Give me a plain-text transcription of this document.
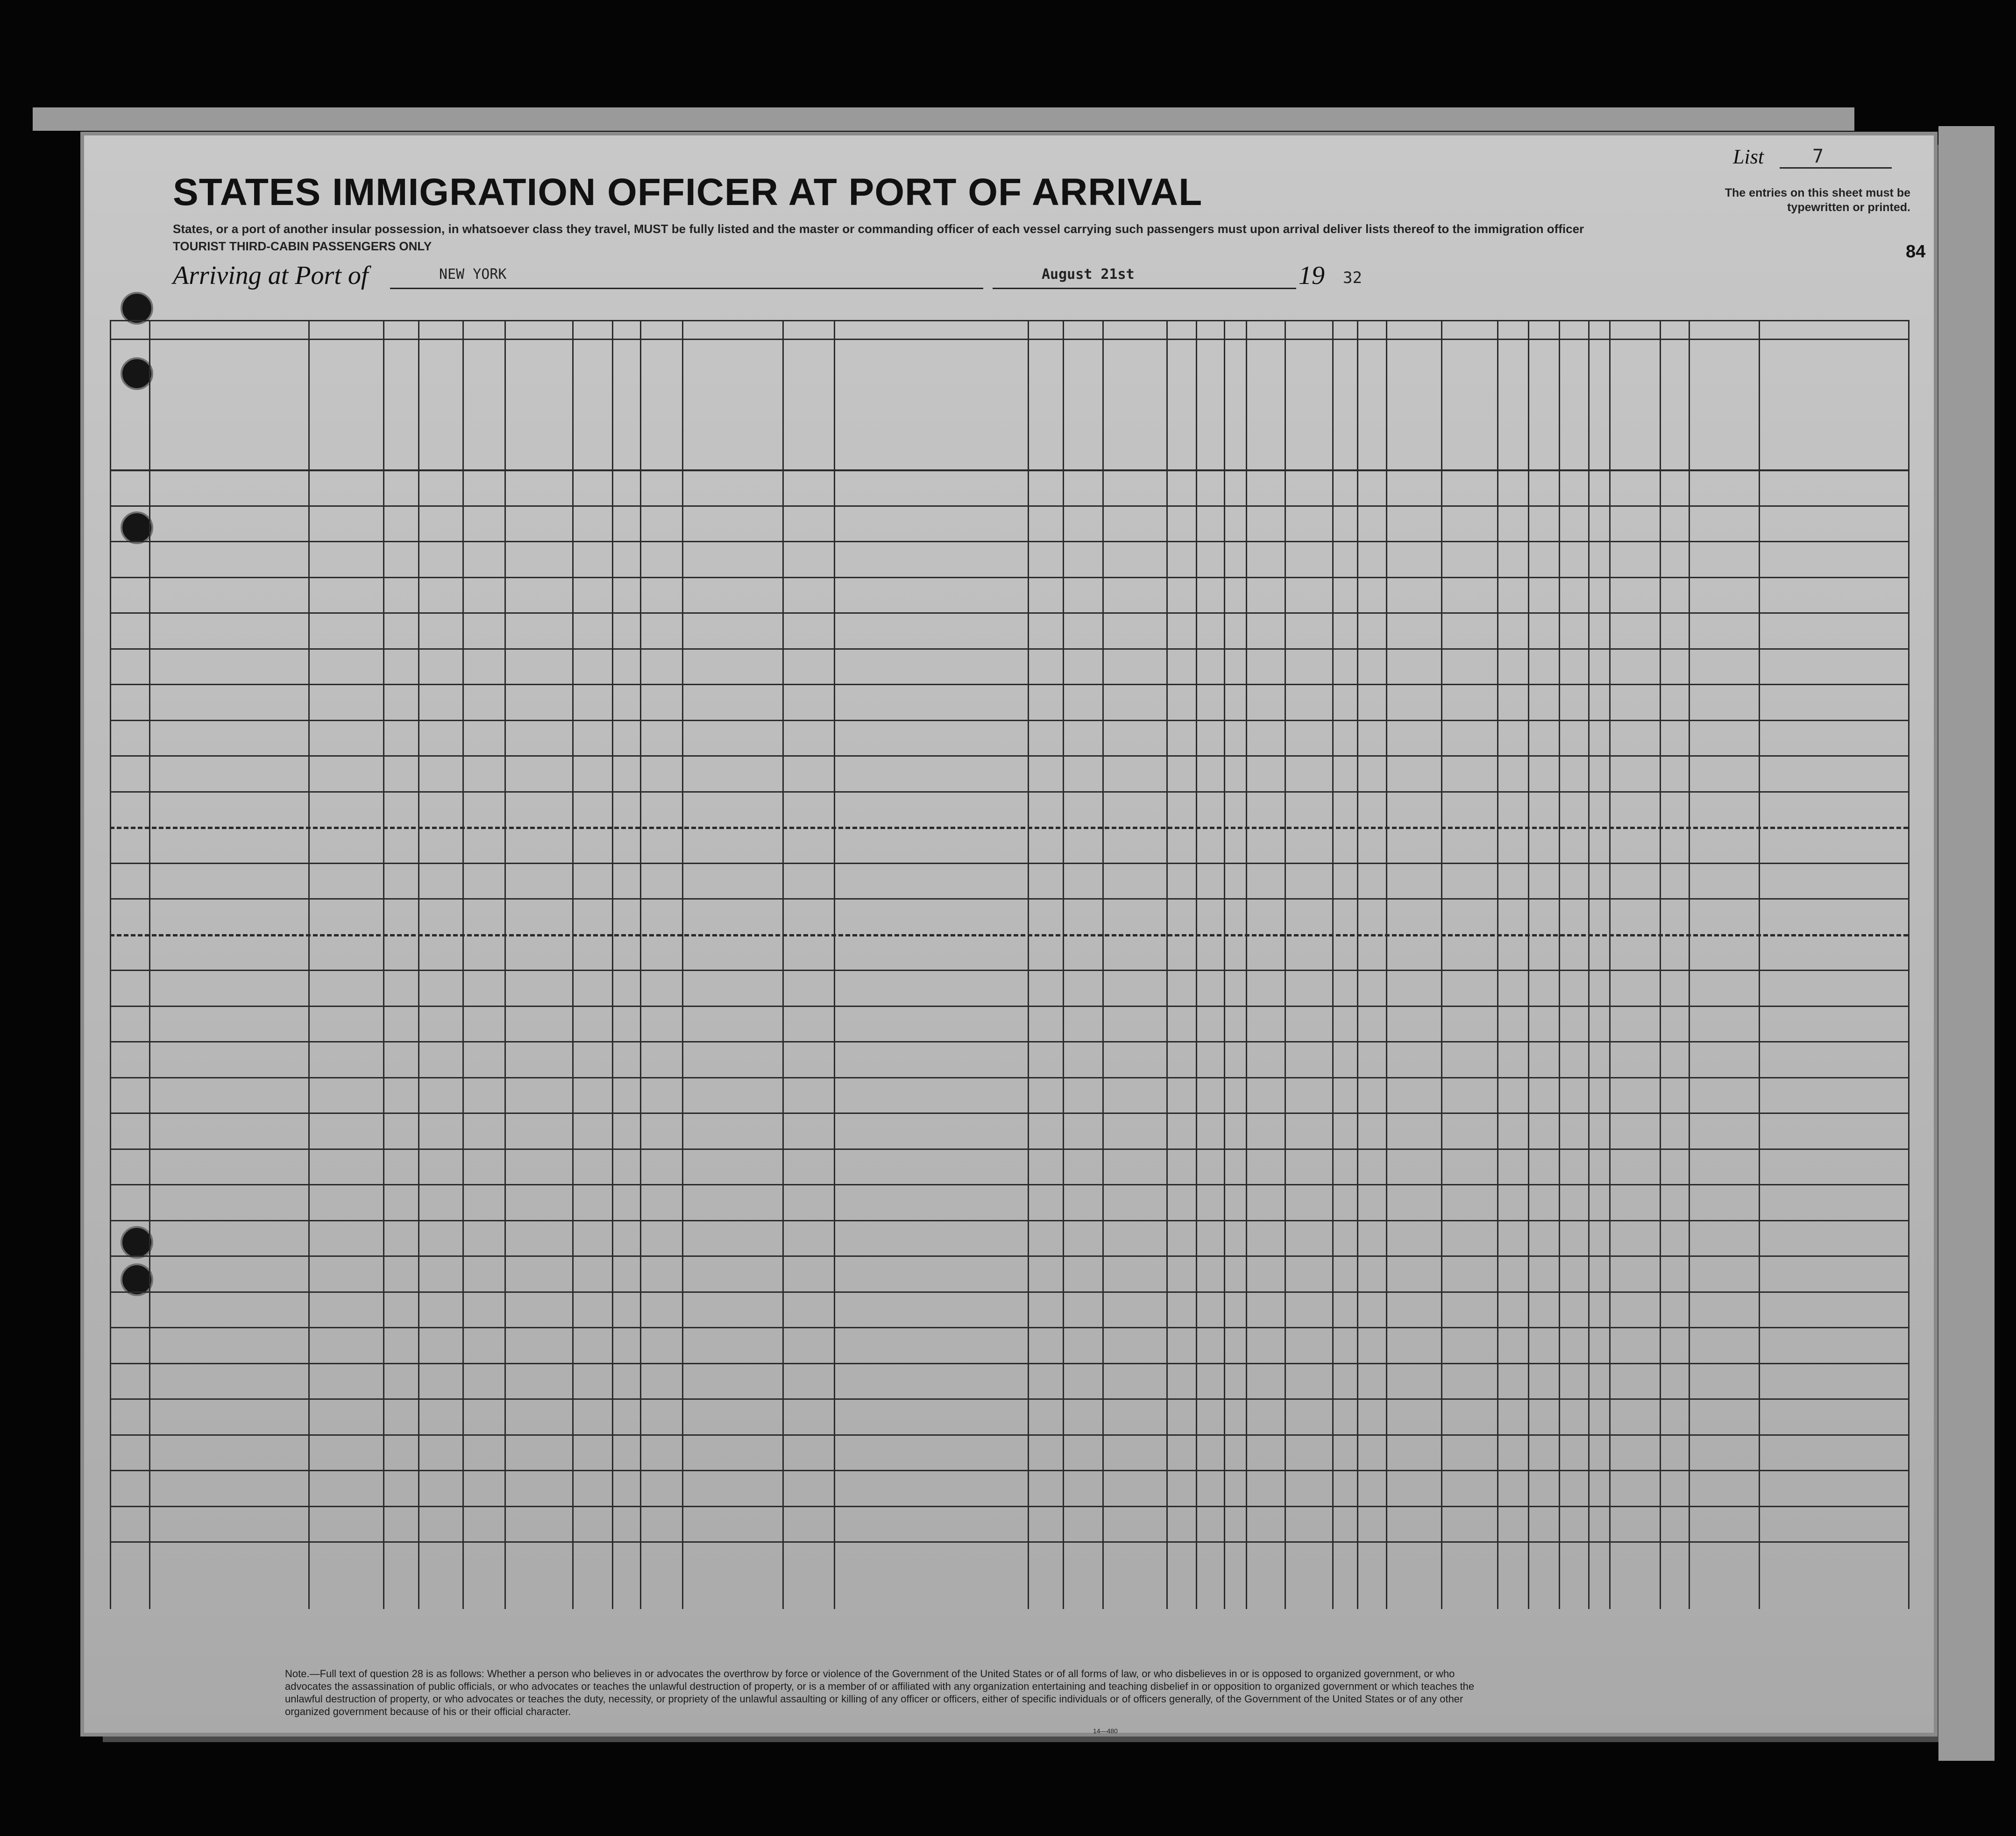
STATES IMMIGRATION OFFICER AT PORT OF ARRIVAL
States, or a port of another insular possession, in whatsoever class they travel, MUST be fully listed and the master or commanding officer of each vessel carrying such passengers must upon arrival deliver lists thereof to the immigration officer
TOURIST THIRD-CABIN PASSENGERS ONLY
List	7
The entries on this sheet must be typewritten or printed.
84
Arriving at Port of	NEW YORK	August 21st	19 32
Note.—Full text of question 28 is as follows: Whether a person who believes in or advocates the overthrow by force or violence of the Government of the United States or of all forms of law, or who disbelieves in or is opposed to organized government, or who advocates the assassination of public officials, or who advocates or teaches the unlawful destruction of property, or is a member of or affiliated with any organization entertaining and teaching disbelief in or opposition to organized government or which teaches the unlawful destruction of property, or who advocates or teaches the duty, necessity, or propriety of the unlawful assaulting or killing of any officer or officers, either of specific individuals or of officers generally, of the Government of the United States or of any other organized government because of his or their official character.
14—480
